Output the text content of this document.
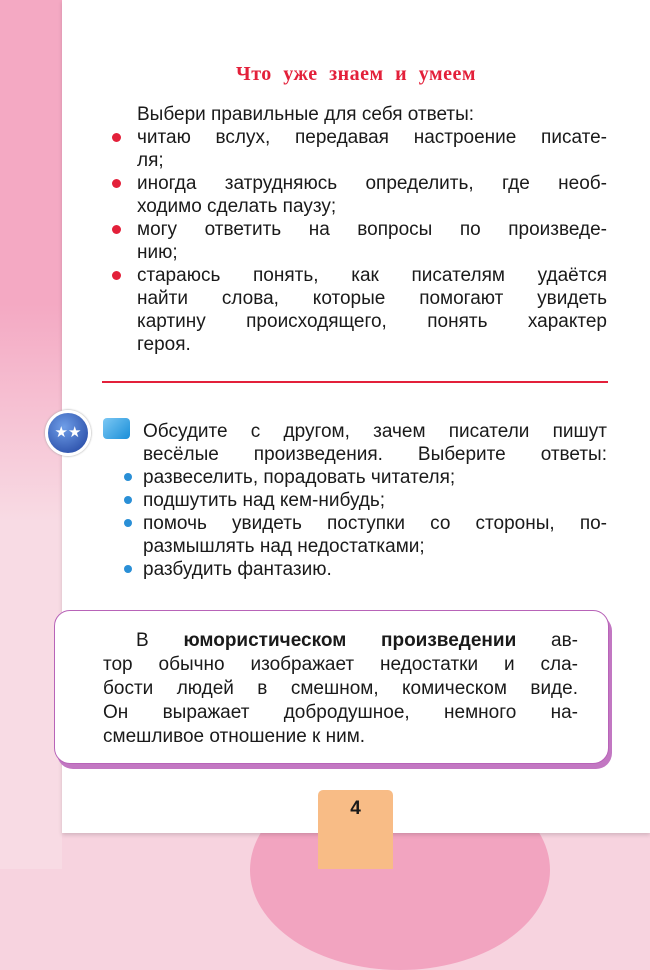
Что уже знаем и умеем
Выбери правильные для себя ответы:
читаю вслух, передавая настроение писате-
ля;
иногда затрудняюсь определить, где необ-
ходимо сделать паузу;
могу ответить на вопросы по произведе-
нию;
стараюсь понять, как писателям удаётся
найти слова, которые помогают увидеть
картину происходящего, понять характер
героя.
★★	Обсудите с другом, зачем писатели пишут
весёлые произведения. Выберите ответы:
развеселить, порадовать читателя;
подшутить над кем-нибудь;
помочь увидеть поступки со стороны, по-
размышлять над недостатками;
разбудить фантазию.
В юмористическом произведении ав-
тор обычно изображает недостатки и сла-
бости людей в смешном, комическом виде.
Он выражает добродушное, немного на-
смешливое отношение к ним.
4
